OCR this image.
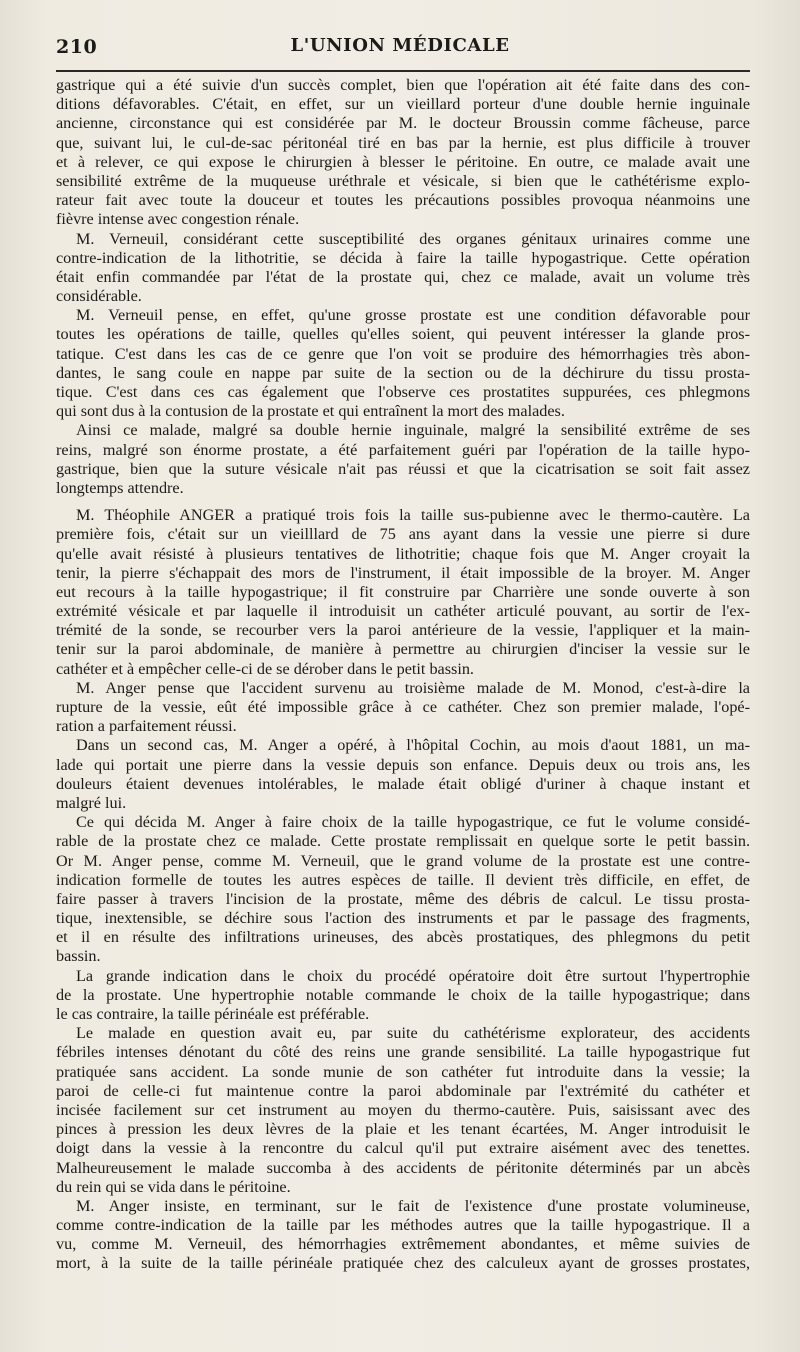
210	L'UNION MÉDICALE
gastrique qui a été suivie d'un succès complet, bien que l'opération ait été faite dans des con-
ditions défavorables. C'était, en effet, sur un vieillard porteur d'une double hernie inguinale
ancienne, circonstance qui est considérée par M. le docteur Broussin comme fâcheuse, parce
que, suivant lui, le cul-de-sac péritonéal tiré en bas par la hernie, est plus difficile à trouver
et à relever, ce qui expose le chirurgien à blesser le péritoine. En outre, ce malade avait une
sensibilité extrême de la muqueuse uréthrale et vésicale, si bien que le cathétérisme explo-
rateur fait avec toute la douceur et toutes les précautions possibles provoqua néanmoins une
fièvre intense avec congestion rénale.
M. Verneuil, considérant cette susceptibilité des organes génitaux urinaires comme une
contre-indication de la lithotritie, se décida à faire la taille hypogastrique. Cette opération
était enfin commandée par l'état de la prostate qui, chez ce malade, avait un volume très
considérable.
M. Verneuil pense, en effet, qu'une grosse prostate est une condition défavorable pour
toutes les opérations de taille, quelles qu'elles soient, qui peuvent intéresser la glande pros-
tatique. C'est dans les cas de ce genre que l'on voit se produire des hémorrhagies très abon-
dantes, le sang coule en nappe par suite de la section ou de la déchirure du tissu prosta-
tique. C'est dans ces cas également que l'observe ces prostatites suppurées, ces phlegmons
qui sont dus à la contusion de la prostate et qui entraînent la mort des malades.
Ainsi ce malade, malgré sa double hernie inguinale, malgré la sensibilité extrême de ses
reins, malgré son énorme prostate, a été parfaitement guéri par l'opération de la taille hypo-
gastrique, bien que la suture vésicale n'ait pas réussi et que la cicatrisation se soit fait assez
longtemps attendre.
M. Théophile ANGER a pratiqué trois fois la taille sus-pubienne avec le thermo-cautère. La
première fois, c'était sur un vieilllard de 75 ans ayant dans la vessie une pierre si dure
qu'elle avait résisté à plusieurs tentatives de lithotritie; chaque fois que M. Anger croyait la
tenir, la pierre s'échappait des mors de l'instrument, il était impossible de la broyer. M. Anger
eut recours à la taille hypogastrique; il fit construire par Charrière une sonde ouverte à son
extrémité vésicale et par laquelle il introduisit un cathéter articulé pouvant, au sortir de l'ex-
trémité de la sonde, se recourber vers la paroi antérieure de la vessie, l'appliquer et la main-
tenir sur la paroi abdominale, de manière à permettre au chirurgien d'inciser la vessie sur le
cathéter et à empêcher celle-ci de se dérober dans le petit bassin.
M. Anger pense que l'accident survenu au troisième malade de M. Monod, c'est-à-dire la
rupture de la vessie, eût été impossible grâce à ce cathéter. Chez son premier malade, l'opé-
ration a parfaitement réussi.
Dans un second cas, M. Anger a opéré, à l'hôpital Cochin, au mois d'aout 1881, un ma-
lade qui portait une pierre dans la vessie depuis son enfance. Depuis deux ou trois ans, les
douleurs étaient devenues intolérables, le malade était obligé d'uriner à chaque instant et
malgré lui.
Ce qui décida M. Anger à faire choix de la taille hypogastrique, ce fut le volume considé-
rable de la prostate chez ce malade. Cette prostate remplissait en quelque sorte le petit bassin.
Or M. Anger pense, comme M. Verneuil, que le grand volume de la prostate est une contre-
indication formelle de toutes les autres espèces de taille. Il devient très difficile, en effet, de
faire passer à travers l'incision de la prostate, même des débris de calcul. Le tissu prosta-
tique, inextensible, se déchire sous l'action des instruments et par le passage des fragments,
et il en résulte des infiltrations urineuses, des abcès prostatiques, des phlegmons du petit
bassin.
La grande indication dans le choix du procédé opératoire doit être surtout l'hypertrophie
de la prostate. Une hypertrophie notable commande le choix de la taille hypogastrique; dans
le cas contraire, la taille périnéale est préférable.
Le malade en question avait eu, par suite du cathétérisme explorateur, des accidents
fébriles intenses dénotant du côté des reins une grande sensibilité. La taille hypogastrique fut
pratiquée sans accident. La sonde munie de son cathéter fut introduite dans la vessie; la
paroi de celle-ci fut maintenue contre la paroi abdominale par l'extrémité du cathéter et
incisée facilement sur cet instrument au moyen du thermo-cautère. Puis, saisissant avec des
pinces à pression les deux lèvres de la plaie et les tenant écartées, M. Anger introduisit le
doigt dans la vessie à la rencontre du calcul qu'il put extraire aisément avec des tenettes.
Malheureusement le malade succomba à des accidents de péritonite déterminés par un abcès
du rein qui se vida dans le péritoine.
M. Anger insiste, en terminant, sur le fait de l'existence d'une prostate volumineuse,
comme contre-indication de la taille par les méthodes autres que la taille hypogastrique. Il a
vu, comme M. Verneuil, des hémorrhagies extrêmement abondantes, et même suivies de
mort, à la suite de la taille périnéale pratiquée chez des calculeux ayant de grosses prostates,
